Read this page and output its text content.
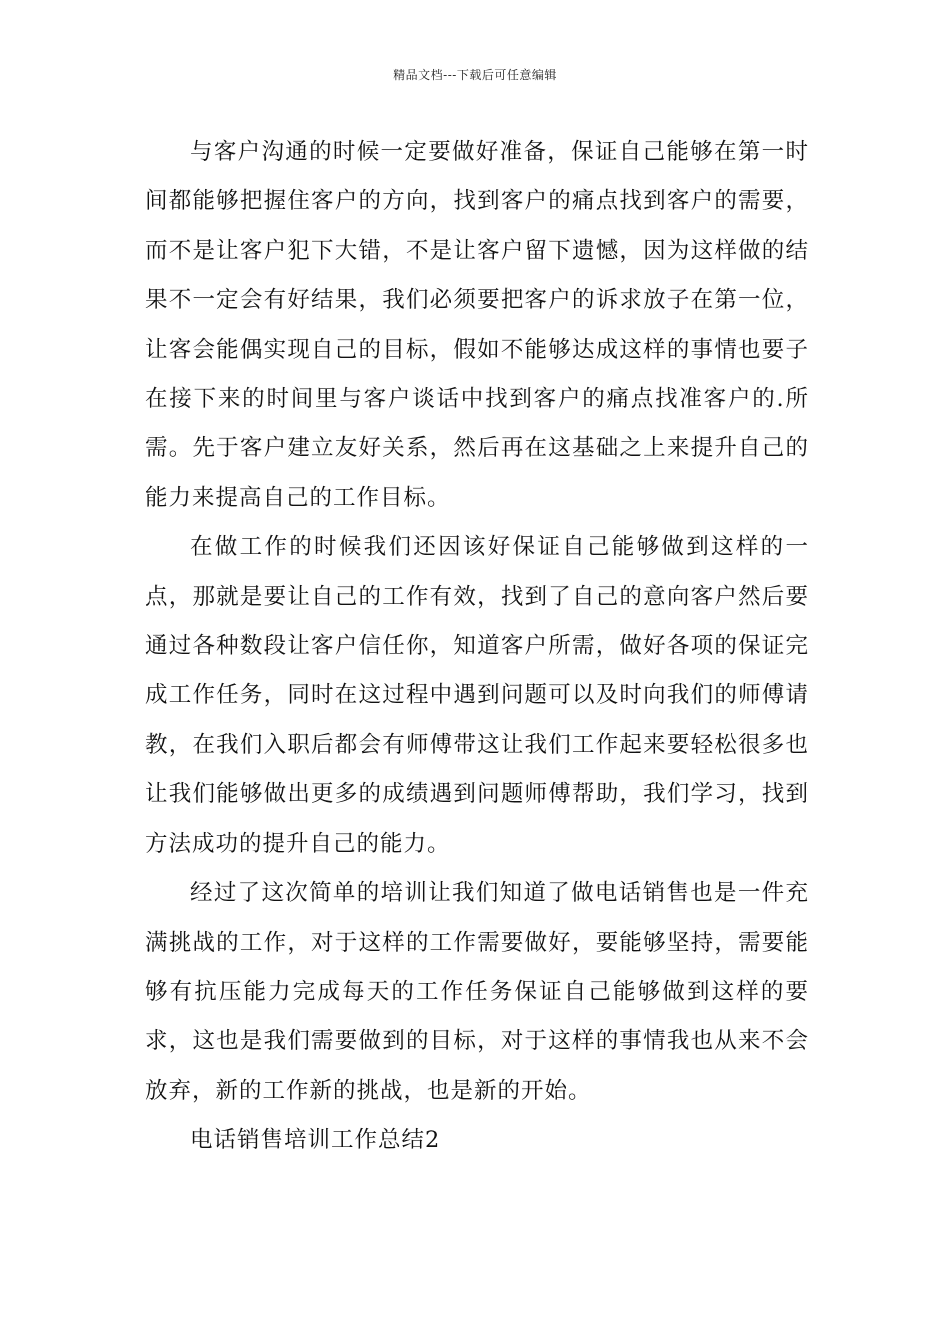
精品文档---下载后可任意编辑

与客户沟通的时候一定要做好准备，保证自己能够在第一时间都能够把握住客户的方向，找到客户的痛点找到客户的需要，而不是让客户犯下大错，不是让客户留下遗憾，因为这样做的结果不一定会有好结果，我们必须要把客户的诉求放子在第一位，让客会能偶实现自己的目标，假如不能够达成这样的事情也要子在接下来的时间里与客户谈话中找到客户的痛点找准客户的.所需。先于客户建立友好关系，然后再在这基础之上来提升自己的能力来提高自己的工作目标。

在做工作的时候我们还因该好保证自己能够做到这样的一点，那就是要让自己的工作有效，找到了自己的意向客户然后要通过各种数段让客户信任你，知道客户所需，做好各项的保证完成工作任务，同时在这过程中遇到问题可以及时向我们的师傅请教，在我们入职后都会有师傅带这让我们工作起来要轻松很多也让我们能够做出更多的成绩遇到问题师傅帮助，我们学习，找到方法成功的提升自己的能力。

经过了这次简单的培训让我们知道了做电话销售也是一件充满挑战的工作，对于这样的工作需要做好，要能够坚持，需要能够有抗压能力完成每天的工作任务保证自己能够做到这样的要求，这也是我们需要做到的目标，对于这样的事情我也从来不会放弃，新的工作新的挑战，也是新的开始。

电话销售培训工作总结2
